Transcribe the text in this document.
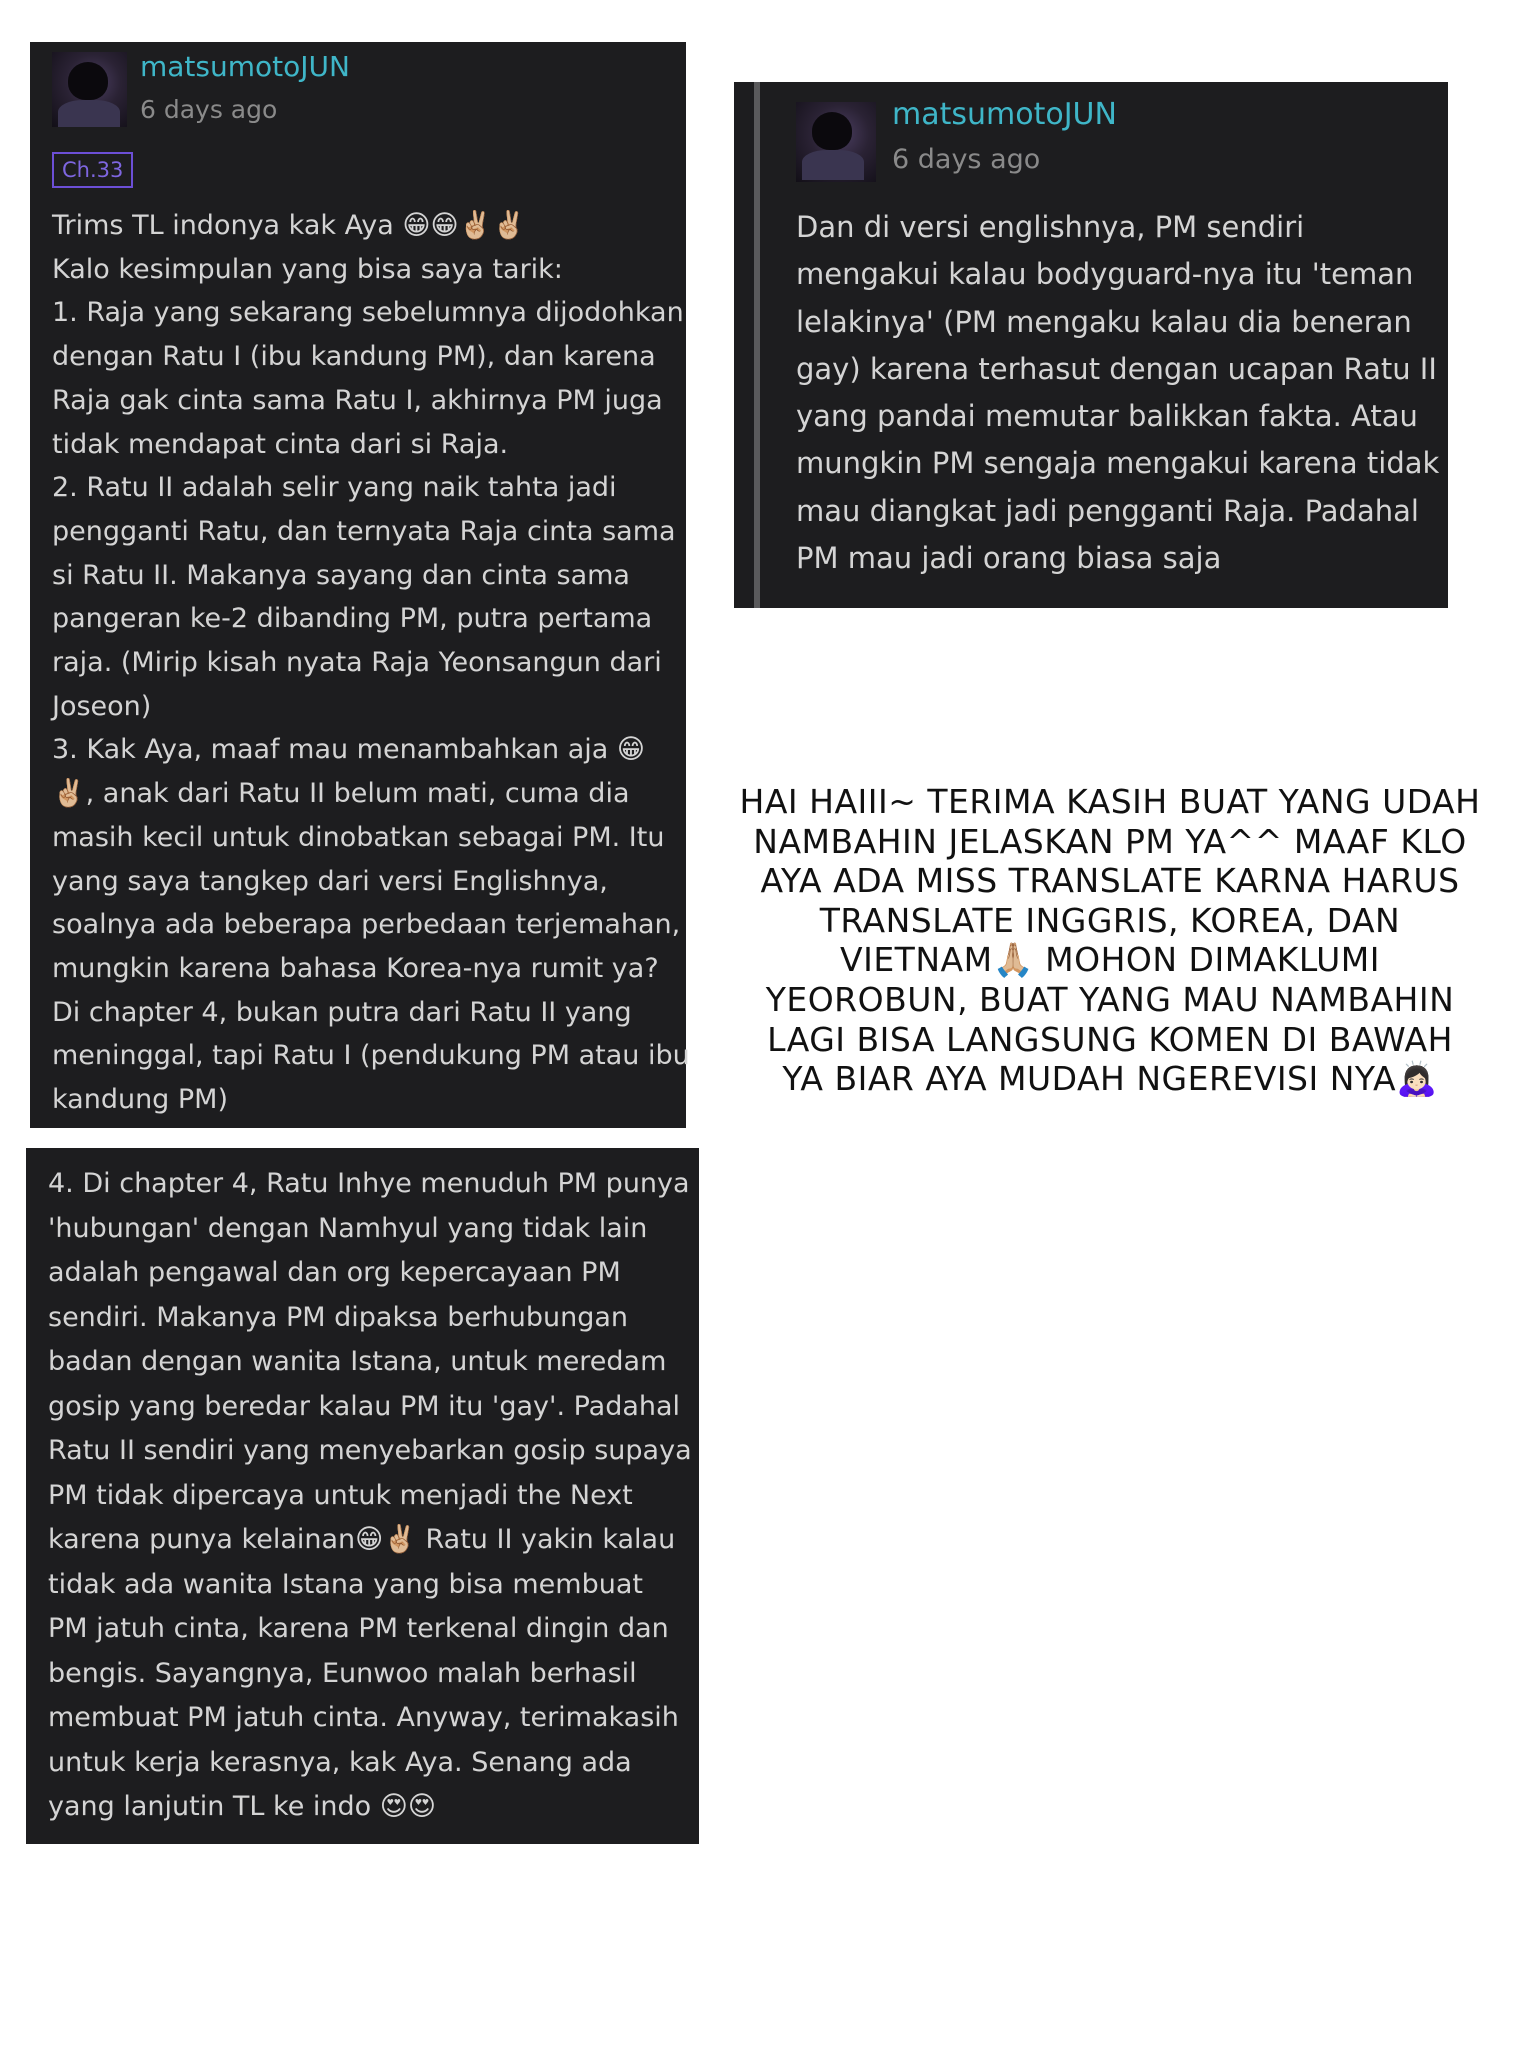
matsumotoJUN
6 days ago
Ch.33

Trims TL indonya kak Aya 😁😁✌🏼✌🏼
Kalo kesimpulan yang bisa saya tarik:
1. Raja yang sekarang sebelumnya dijodohkan
dengan Ratu I (ibu kandung PM), dan karena
Raja gak cinta sama Ratu I, akhirnya PM juga
tidak mendapat cinta dari si Raja.
2. Ratu II adalah selir yang naik tahta jadi
pengganti Ratu, dan ternyata Raja cinta sama
si Ratu II. Makanya sayang dan cinta sama
pangeran ke-2 dibanding PM, putra pertama
raja. (Mirip kisah nyata Raja Yeonsangun dari
Joseon)
3. Kak Aya, maaf mau menambahkan aja 😁
✌🏼, anak dari Ratu II belum mati, cuma dia
masih kecil untuk dinobatkan sebagai PM. Itu
yang saya tangkep dari versi Englishnya,
soalnya ada beberapa perbedaan terjemahan,
mungkin karena bahasa Korea-nya rumit ya?
Di chapter 4, bukan putra dari Ratu II yang
meninggal, tapi Ratu I (pendukung PM atau ibu
kandung PM)

matsumotoJUN
6 days ago

Dan di versi englishnya, PM sendiri
mengakui kalau bodyguard-nya itu 'teman
lelakinya' (PM mengaku kalau dia beneran
gay) karena terhasut dengan ucapan Ratu II
yang pandai memutar balikkan fakta. Atau
mungkin PM sengaja mengakui karena tidak
mau diangkat jadi pengganti Raja. Padahal
PM mau jadi orang biasa saja

4. Di chapter 4, Ratu Inhye menuduh PM punya
'hubungan' dengan Namhyul yang tidak lain
adalah pengawal dan org kepercayaan PM
sendiri. Makanya PM dipaksa berhubungan
badan dengan wanita Istana, untuk meredam
gosip yang beredar kalau PM itu 'gay'. Padahal
Ratu II sendiri yang menyebarkan gosip supaya
PM tidak dipercaya untuk menjadi the Next
karena punya kelainan😁✌🏼 Ratu II yakin kalau
tidak ada wanita Istana yang bisa membuat
PM jatuh cinta, karena PM terkenal dingin dan
bengis. Sayangnya, Eunwoo malah berhasil
membuat PM jatuh cinta. Anyway, terimakasih
untuk kerja kerasnya, kak Aya. Senang ada
yang lanjutin TL ke indo 😍😍

HAI HAIII~ TERIMA KASIH BUAT YANG UDAH
NAMBAHIN JELASKAN PM YA^^ MAAF KLO
AYA ADA MISS TRANSLATE KARNA HARUS
TRANSLATE INGGRIS, KOREA, DAN
VIETNAM🙏🏼 MOHON DIMAKLUMI
YEOROBUN, BUAT YANG MAU NAMBAHIN
LAGI BISA LANGSUNG KOMEN DI BAWAH
YA BIAR AYA MUDAH NGEREVISI NYA🙇🏻‍♀️
